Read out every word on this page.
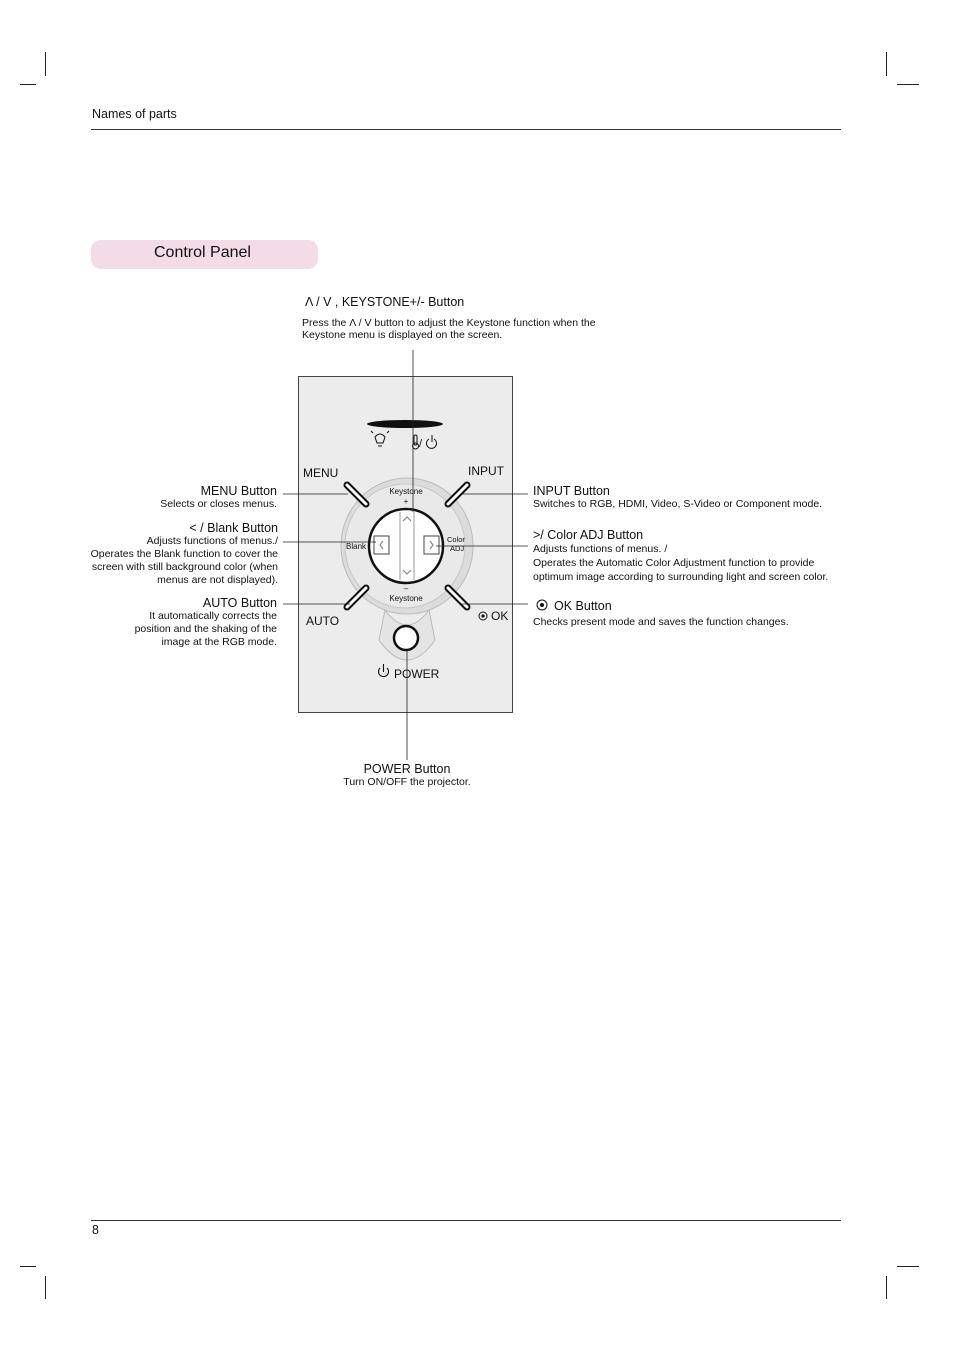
Names of parts
Control Panel
Λ / V , KEYSTONE+/- Button
Press the Λ / V button to adjust the Keystone function when the
Keystone menu is displayed on the screen.
/
MENU	INPUT
AUTO	OK
POWER
Keystone
+
–
Keystone
Blank
Color
ADJ
MENU Button
Selects or closes menus.
< / Blank Button
Adjusts functions of menus./
Operates the Blank function to cover the
screen with still background color (when
menus are not displayed).
AUTO Button
It automatically corrects the
position and the shaking of the
image at the RGB mode.
INPUT Button
Switches to RGB, HDMI, Video, S-Video or Component mode.
>/ Color ADJ Button
Adjusts functions of menus. /
Operates the Automatic Color Adjustment function to provide
optimum image according to surrounding light and screen color.
OK Button
Checks present mode and saves the function changes.
POWER Button
Turn ON/OFF the projector.
8
